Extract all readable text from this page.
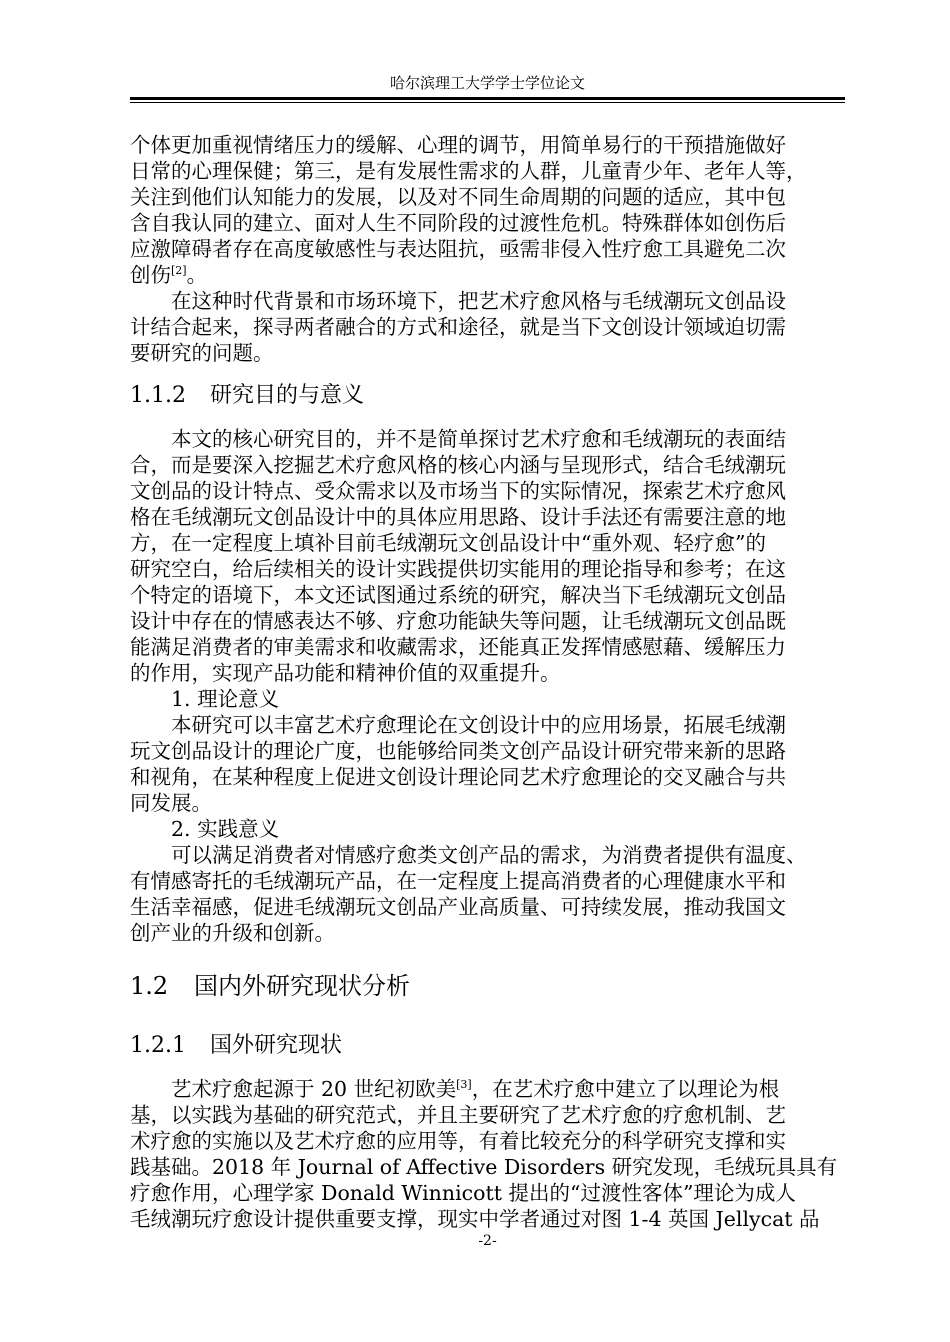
哈尔滨理工大学学士学位论文
个体更加重视情绪压力的缓解、心理的调节，用简单易行的干预措施做好
日常的心理保健；第三，是有发展性需求的人群，儿童青少年、老年人等，
关注到他们认知能力的发展，以及对不同生命周期的问题的适应，其中包
含自我认同的建立、面对人生不同阶段的过渡性危机。特殊群体如创伤后
应激障碍者存在高度敏感性与表达阻抗，亟需非侵入性疗愈工具避免二次
创伤[2]。
在这种时代背景和市场环境下，把艺术疗愈风格与毛绒潮玩文创品设
计结合起来，探寻两者融合的方式和途径，就是当下文创设计领域迫切需
要研究的问题。
1.1.2 研究目的与意义
本文的核心研究目的，并不是简单探讨艺术疗愈和毛绒潮玩的表面结
合，而是要深入挖掘艺术疗愈风格的核心内涵与呈现形式，结合毛绒潮玩
文创品的设计特点、受众需求以及市场当下的实际情况，探索艺术疗愈风
格在毛绒潮玩文创品设计中的具体应用思路、设计手法还有需要注意的地
方，在一定程度上填补目前毛绒潮玩文创品设计中“重外观、轻疗愈”的
研究空白，给后续相关的设计实践提供切实能用的理论指导和参考；在这
个特定的语境下，本文还试图通过系统的研究，解决当下毛绒潮玩文创品
设计中存在的情感表达不够、疗愈功能缺失等问题，让毛绒潮玩文创品既
能满足消费者的审美需求和收藏需求，还能真正发挥情感慰藉、缓解压力
的作用，实现产品功能和精神价值的双重提升。
1. 理论意义
本研究可以丰富艺术疗愈理论在文创设计中的应用场景，拓展毛绒潮
玩文创品设计的理论广度，也能够给同类文创产品设计研究带来新的思路
和视角，在某种程度上促进文创设计理论同艺术疗愈理论的交叉融合与共
同发展。
2. 实践意义
可以满足消费者对情感疗愈类文创产品的需求，为消费者提供有温度、
有情感寄托的毛绒潮玩产品，在一定程度上提高消费者的心理健康水平和
生活幸福感，促进毛绒潮玩文创品产业高质量、可持续发展，推动我国文
创产业的升级和创新。
1.2 国内外研究现状分析
1.2.1 国外研究现状
艺术疗愈起源于 20 世纪初欧美[3]，在艺术疗愈中建立了以理论为根
基，以实践为基础的研究范式，并且主要研究了艺术疗愈的疗愈机制、艺
术疗愈的实施以及艺术疗愈的应用等，有着比较充分的科学研究支撑和实
践基础。2018 年 Journal of Affective Disorders 研究发现，毛绒玩具具有
疗愈作用，心理学家 Donald Winnicott 提出的“过渡性客体”理论为成人
毛绒潮玩疗愈设计提供重要支撑，现实中学者通过对图 1-4 英国 Jellycat 品
-2-
